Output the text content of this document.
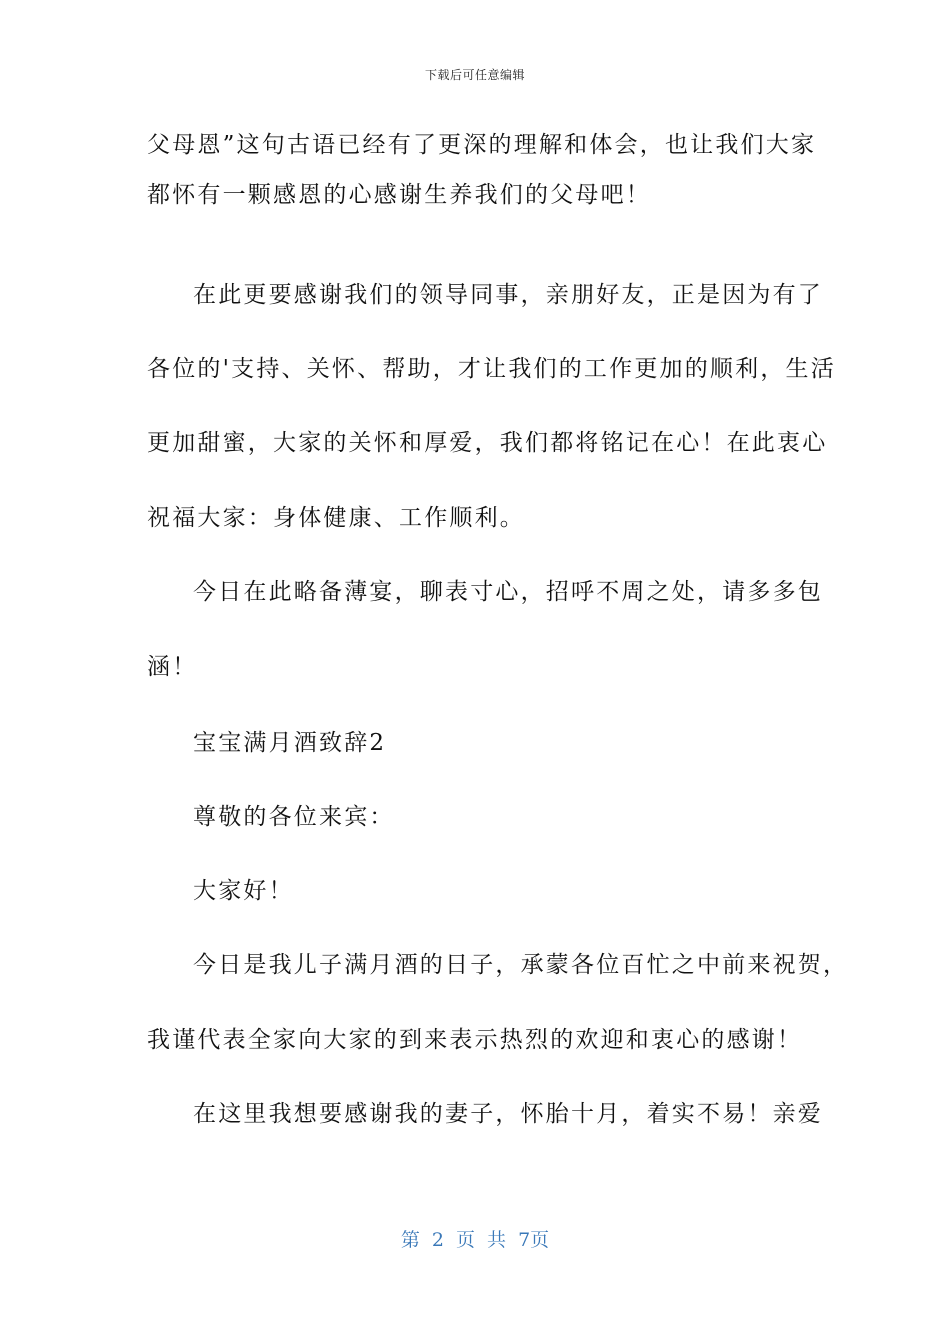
下载后可任意编辑
父母恩”这句古语已经有了更深的理解和体会，也让我们大家
都怀有一颗感恩的心感谢生养我们的父母吧！
在此更要感谢我们的领导同事，亲朋好友，正是因为有了
各位的'支持、关怀、帮助，才让我们的工作更加的顺利，生活
更加甜蜜，大家的关怀和厚爱，我们都将铭记在心！在此衷心
祝福大家：身体健康、工作顺利。
今日在此略备薄宴，聊表寸心，招呼不周之处，请多多包
涵！
宝宝满月酒致辞2
尊敬的各位来宾：
大家好！
今日是我儿子满月酒的日子，承蒙各位百忙之中前来祝贺，
我谨代表全家向大家的到来表示热烈的欢迎和衷心的感谢！
在这里我想要感谢我的妻子，怀胎十月，着实不易！亲爱
第 2 页 共 7页
